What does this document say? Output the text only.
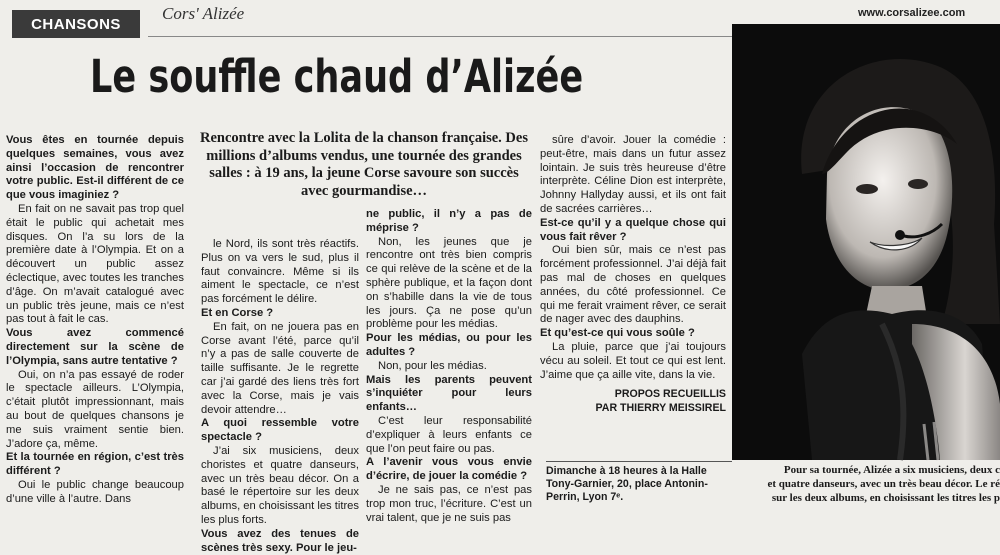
CHANSONS
Cors' Alizée	www.corsalizee.com
Le souffle chaud d’Alizée

Rencontre avec la Lolita de la chanson française. Des millions d’albums vendus, une tournée des grandes salles : à 19 ans, la jeune Corse savoure son succès avec gourmandise…

Vous êtes en tournée depuis quelques semaines, vous avez ainsi l’occasion de rencontrer votre public. Est-il différent de ce que vous imaginiez ?

En fait on ne savait pas trop quel était le public qui achetait mes disques. On l’a su lors de la première date à l’Olympia. Et on a découvert un public assez éclectique, avec toutes les tranches d’âge. On m’avait catalogué avec un public très jeune, mais ce n’est pas tout à fait le cas.

Vous avez commencé directement sur la scène de l’Olympia, sans autre tentative ?

Oui, on n’a pas essayé de roder le spectacle ailleurs. L’Olympia, c’était plutôt impressionnant, mais au bout de quelques chansons je me suis vraiment sentie bien. J’adore ça, même.

Et la tournée en région, c’est très différent ?

Oui le public change beaucoup d’une ville à l’autre. Dans

le Nord, ils sont très réactifs. Plus on va vers le sud, plus il faut convaincre. Même si ils aiment le spectacle, ce n’est pas forcément le délire.

Et en Corse ?

En fait, on ne jouera pas en Corse avant l’été, parce qu’il n’y a pas de salle couverte de taille suffisante. Je le regrette car j’ai gardé des liens très fort avec la Corse, mais je vais devoir attendre…

A quoi ressemble votre spectacle ?

J’ai six musiciens, deux choristes et quatre danseurs, avec un très beau décor. On a basé le répertoire sur les deux albums, en choisissant les titres les plus forts.

Vous avez des tenues de scènes très sexy. Pour le jeu-

ne public, il n’y a pas de méprise ?

Non, les jeunes que je rencontre ont très bien compris ce qui relève de la scène et de la sphère publique, et la façon dont on s’habille dans la vie de tous les jours. Ça ne pose qu’un problème pour les médias.

Pour les médias, ou pour les adultes ?

Non, pour les médias.

Mais les parents peuvent s’inquiéter pour leurs enfants…

C’est leur responsabilité d’expliquer à leurs enfants ce que l’on peut faire ou pas.

A l’avenir vous vous envie d’écrire, de jouer la comédie ?

Je ne sais pas, ce n’est pas trop mon truc, l’écriture. C’est un vrai talent, que je ne suis pas

sûre d’avoir. Jouer la comédie : peut-être, mais dans un futur assez lointain. Je suis très heureuse d’être interprète. Céline Dion est interprète, Johnny Hallyday aussi, et ils ont fait de sacrées carrières…

Est-ce qu’il y a quelque chose qui vous fait rêver ?

Oui bien sûr, mais ce n’est pas forcément professionnel. J’ai déjà fait pas mal de choses en quelques années, du côté professionnel. Ce qui me ferait vraiment rêver, ce serait de nager avec des dauphins.

Et qu’est-ce qui vous soûle ?

La pluie, parce que j’ai toujours vécu au soleil. Et tout ce qui est lent. J’aime que ça aille vite, dans la vie.

PROPOS RECUEILLIS
PAR THIERRY MEISSIREL
Dimanche à 18 heures à la Halle Tony-Garnier, 20, place Antonin-Perrin, Lyon 7ᵉ.
Pour sa tournée, Alizée a six musiciens, deux c
et quatre danseurs, avec un très beau décor. Le ré
sur les deux albums, en choisissant les titres les p
